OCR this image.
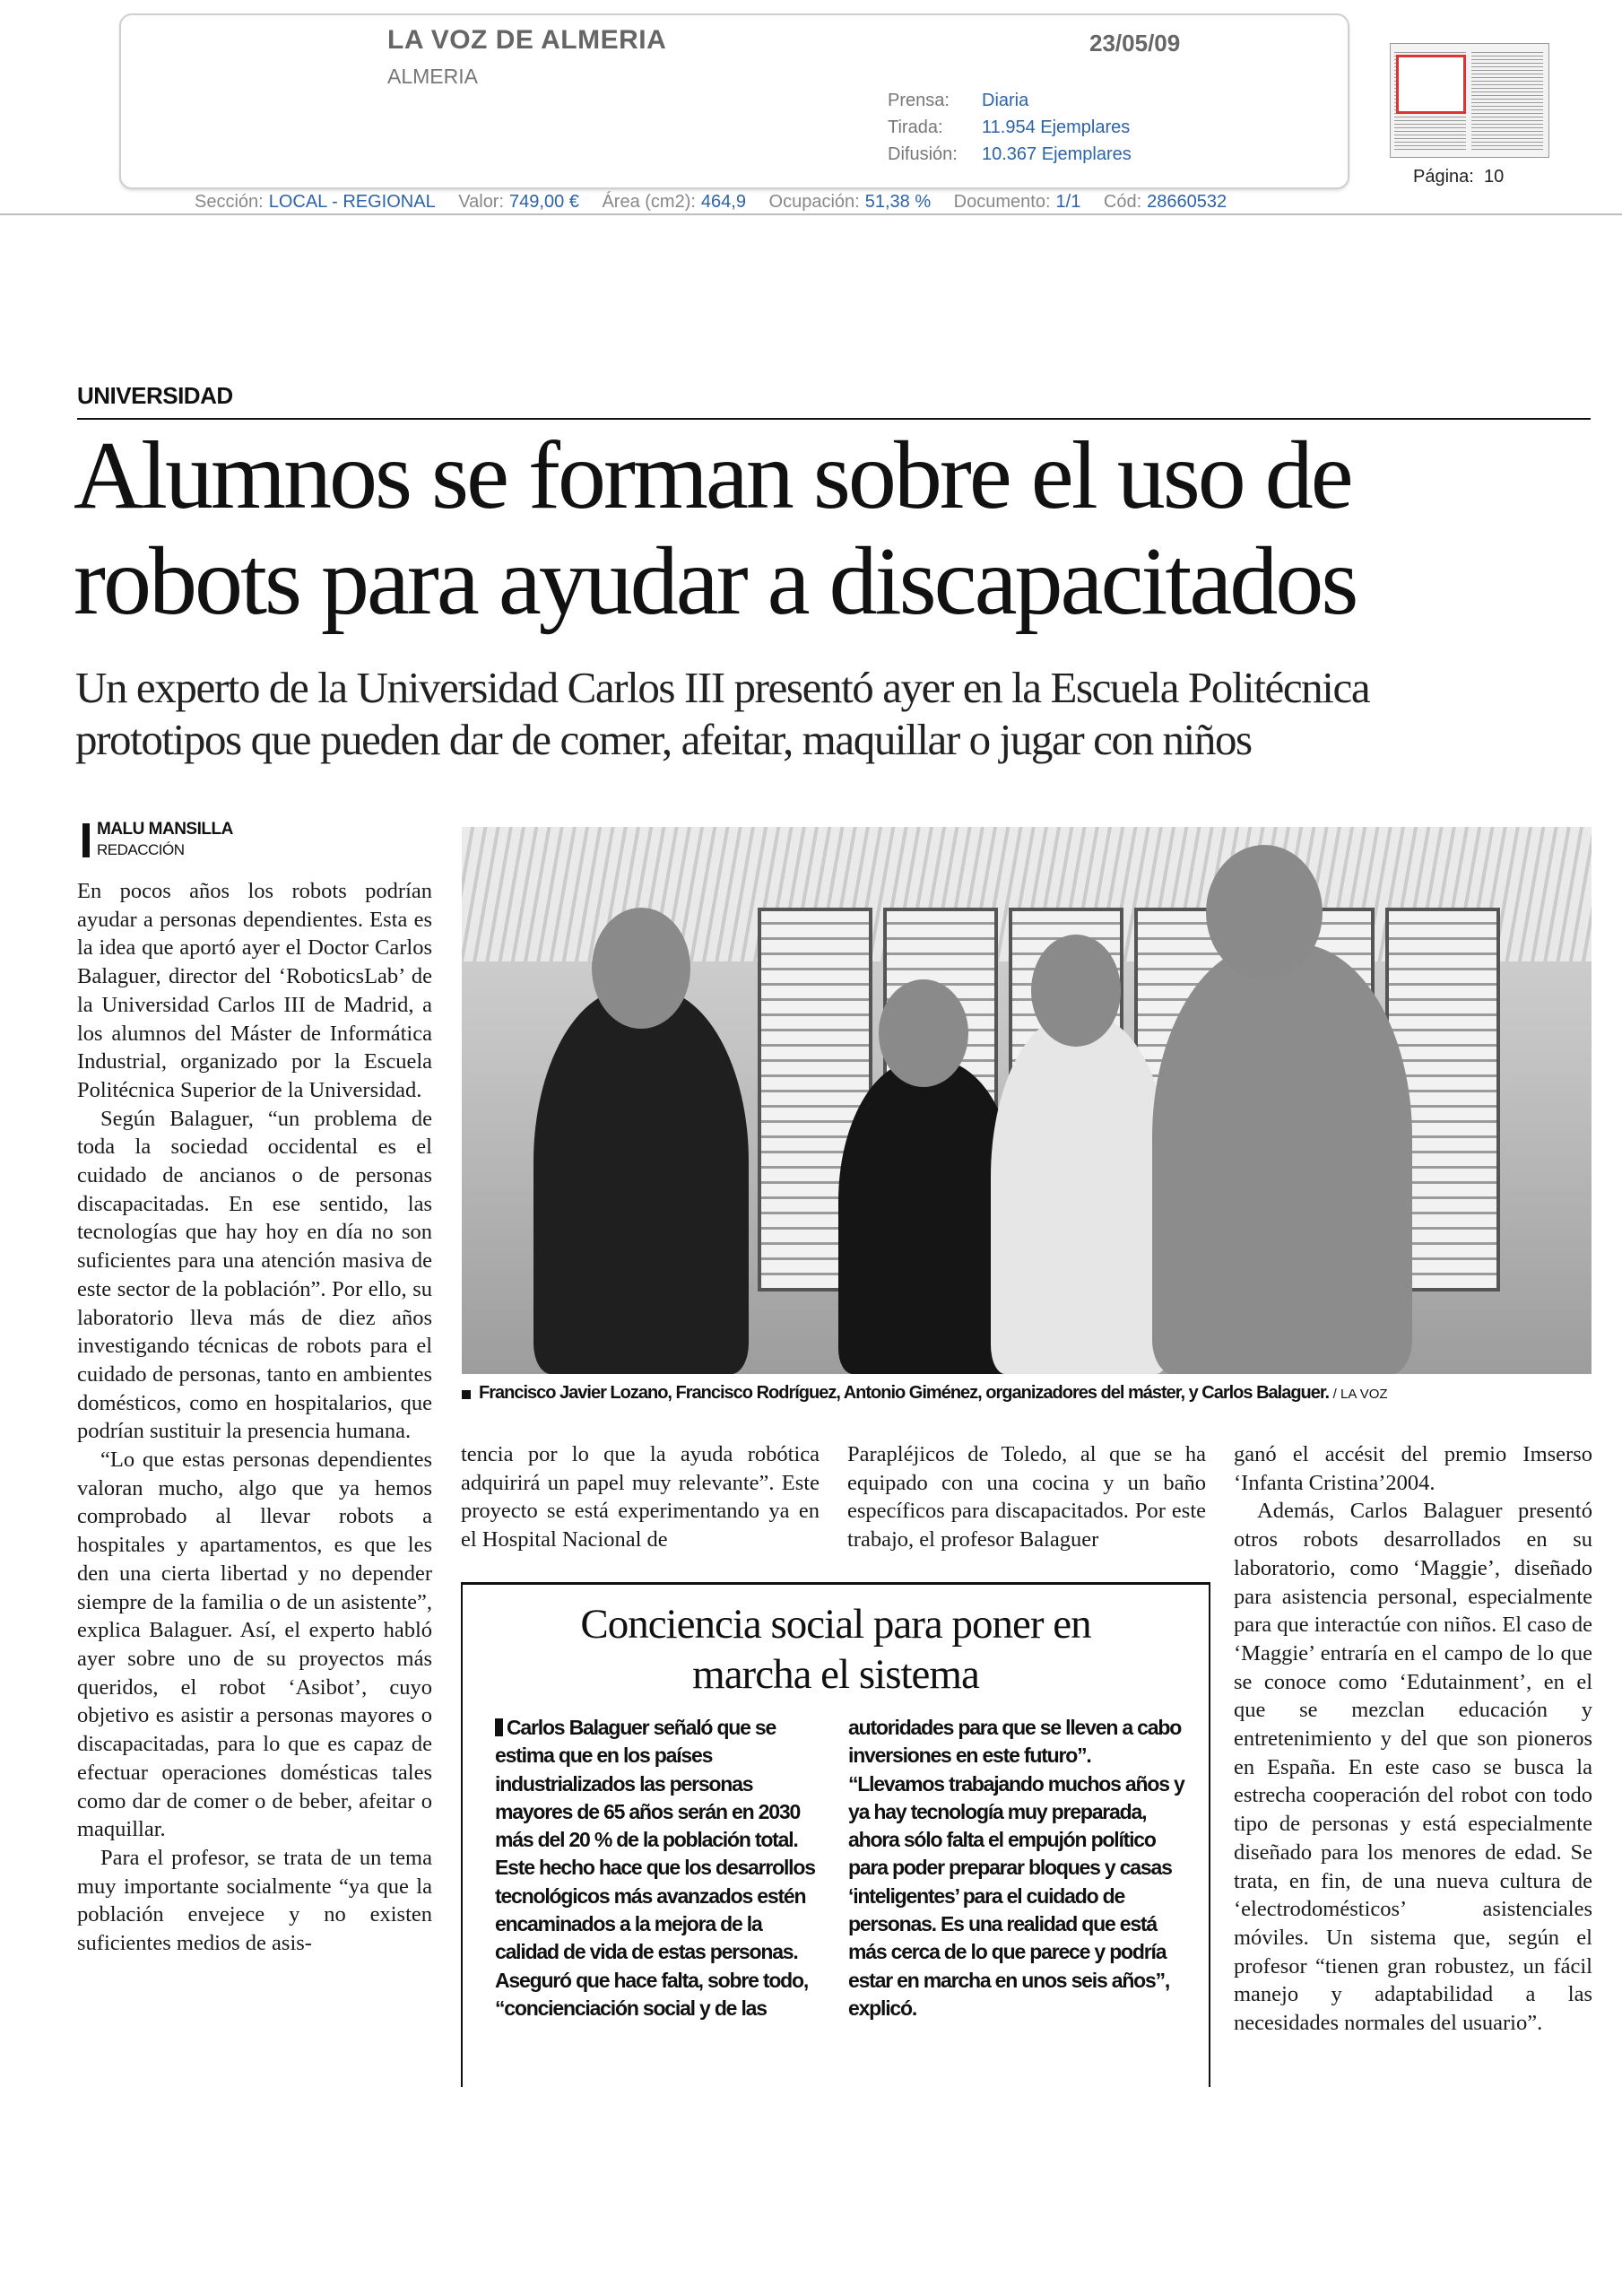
LA VOZ DE ALMERIA
ALMERIA
23/05/09
Prensa: Diaria
Tirada: 11.954 Ejemplares
Difusión: 10.367 Ejemplares
Página: 10
Sección: LOCAL - REGIONAL Valor: 749,00 € Área (cm2): 464,9 Ocupación: 51,38 % Documento: 1/1 Cód: 28660532
UNIVERSIDAD
Alumnos se forman sobre el uso de
robots para ayudar a discapacitados
Un experto de la Universidad Carlos III presentó ayer en la Escuela Politécnica
prototipos que pueden dar de comer, afeitar, maquillar o jugar con niños
MALU MANSILLA
REDACCIÓN

En pocos años los robots podrían ayudar a personas dependientes. Esta es la idea que aportó ayer el Doctor Carlos Balaguer, director del ‘RoboticsLab’ de la Universidad Carlos III de Madrid, a los alumnos del Máster de Informática Industrial, organizado por la Escuela Politécnica Superior de la Universidad.

Según Balaguer, “un problema de toda la sociedad occidental es el cuidado de ancianos o de personas discapacitadas. En ese sentido, las tecnologías que hay hoy en día no son suficientes para una atención masiva de este sector de la población”. Por ello, su laboratorio lleva más de diez años investigando técnicas de robots para el cuidado de personas, tanto en ambientes domésticos, como en hospitalarios, que podrían sustituir la presencia humana.

“Lo que estas personas dependientes valoran mucho, algo que ya hemos comprobado al llevar robots a hospitales y apartamentos, es que les den una cierta libertad y no depender siempre de la familia o de un asistente”, explica Balaguer. Así, el experto habló ayer sobre uno de su proyectos más queridos, el robot ‘Asibot’, cuyo objetivo es asistir a personas mayores o discapacitadas, para lo que es capaz de efectuar operaciones domésticas tales como dar de comer o de beber, afeitar o maquillar.

Para el profesor, se trata de un tema muy importante socialmente “ya que la población envejece y no existen suficientes medios de asis-

Francisco Javier Lozano, Francisco Rodríguez, Antonio Giménez, organizadores del máster, y Carlos Balaguer. / LA VOZ

tencia por lo que la ayuda robótica adquirirá un papel muy relevante”. Este proyecto se está experimentando ya en el Hospital Nacional de

Parapléjicos de Toledo, al que se ha equipado con una cocina y un baño específicos para discapacitados. Por este trabajo, el profesor Balaguer

ganó el accésit del premio Imserso ‘Infanta Cristina’2004.

Además, Carlos Balaguer presentó otros robots desarrollados en su laboratorio, como ‘Maggie’, diseñado para asistencia personal, especialmente para que interactúe con niños. El caso de ‘Maggie’ entraría en el campo de lo que se conoce como ‘Edutainment’, en el que se mezclan educación y entretenimiento y del que son pioneros en España. En este caso se busca la estrecha cooperación del robot con todo tipo de personas y está especialmente diseñado para los menores de edad. Se trata, en fin, de una nueva cultura de ‘electrodomésticos’ asistenciales móviles. Un sistema que, según el profesor “tienen gran robustez, un fácil manejo y adaptabilidad a las necesidades normales del usuario”.

Conciencia social para poner en
marcha el sistema
Carlos Balaguer señaló que se estima que en los países industrializados las personas mayores de 65 años serán en 2030 más del 20 % de la población total. Este hecho hace que los desarrollos tecnológicos más avanzados estén encaminados a la mejora de la calidad de vida de estas personas. Aseguró que hace falta, sobre todo, “concienciación social y de las
autoridades para que se lleven a cabo inversiones en este futuro”. “Llevamos trabajando muchos años y ya hay tecnología muy preparada, ahora sólo falta el empujón político para poder preparar bloques y casas ‘inteligentes’ para el cuidado de personas. Es una realidad que está más cerca de lo que parece y podría estar en marcha en unos seis años”, explicó.
